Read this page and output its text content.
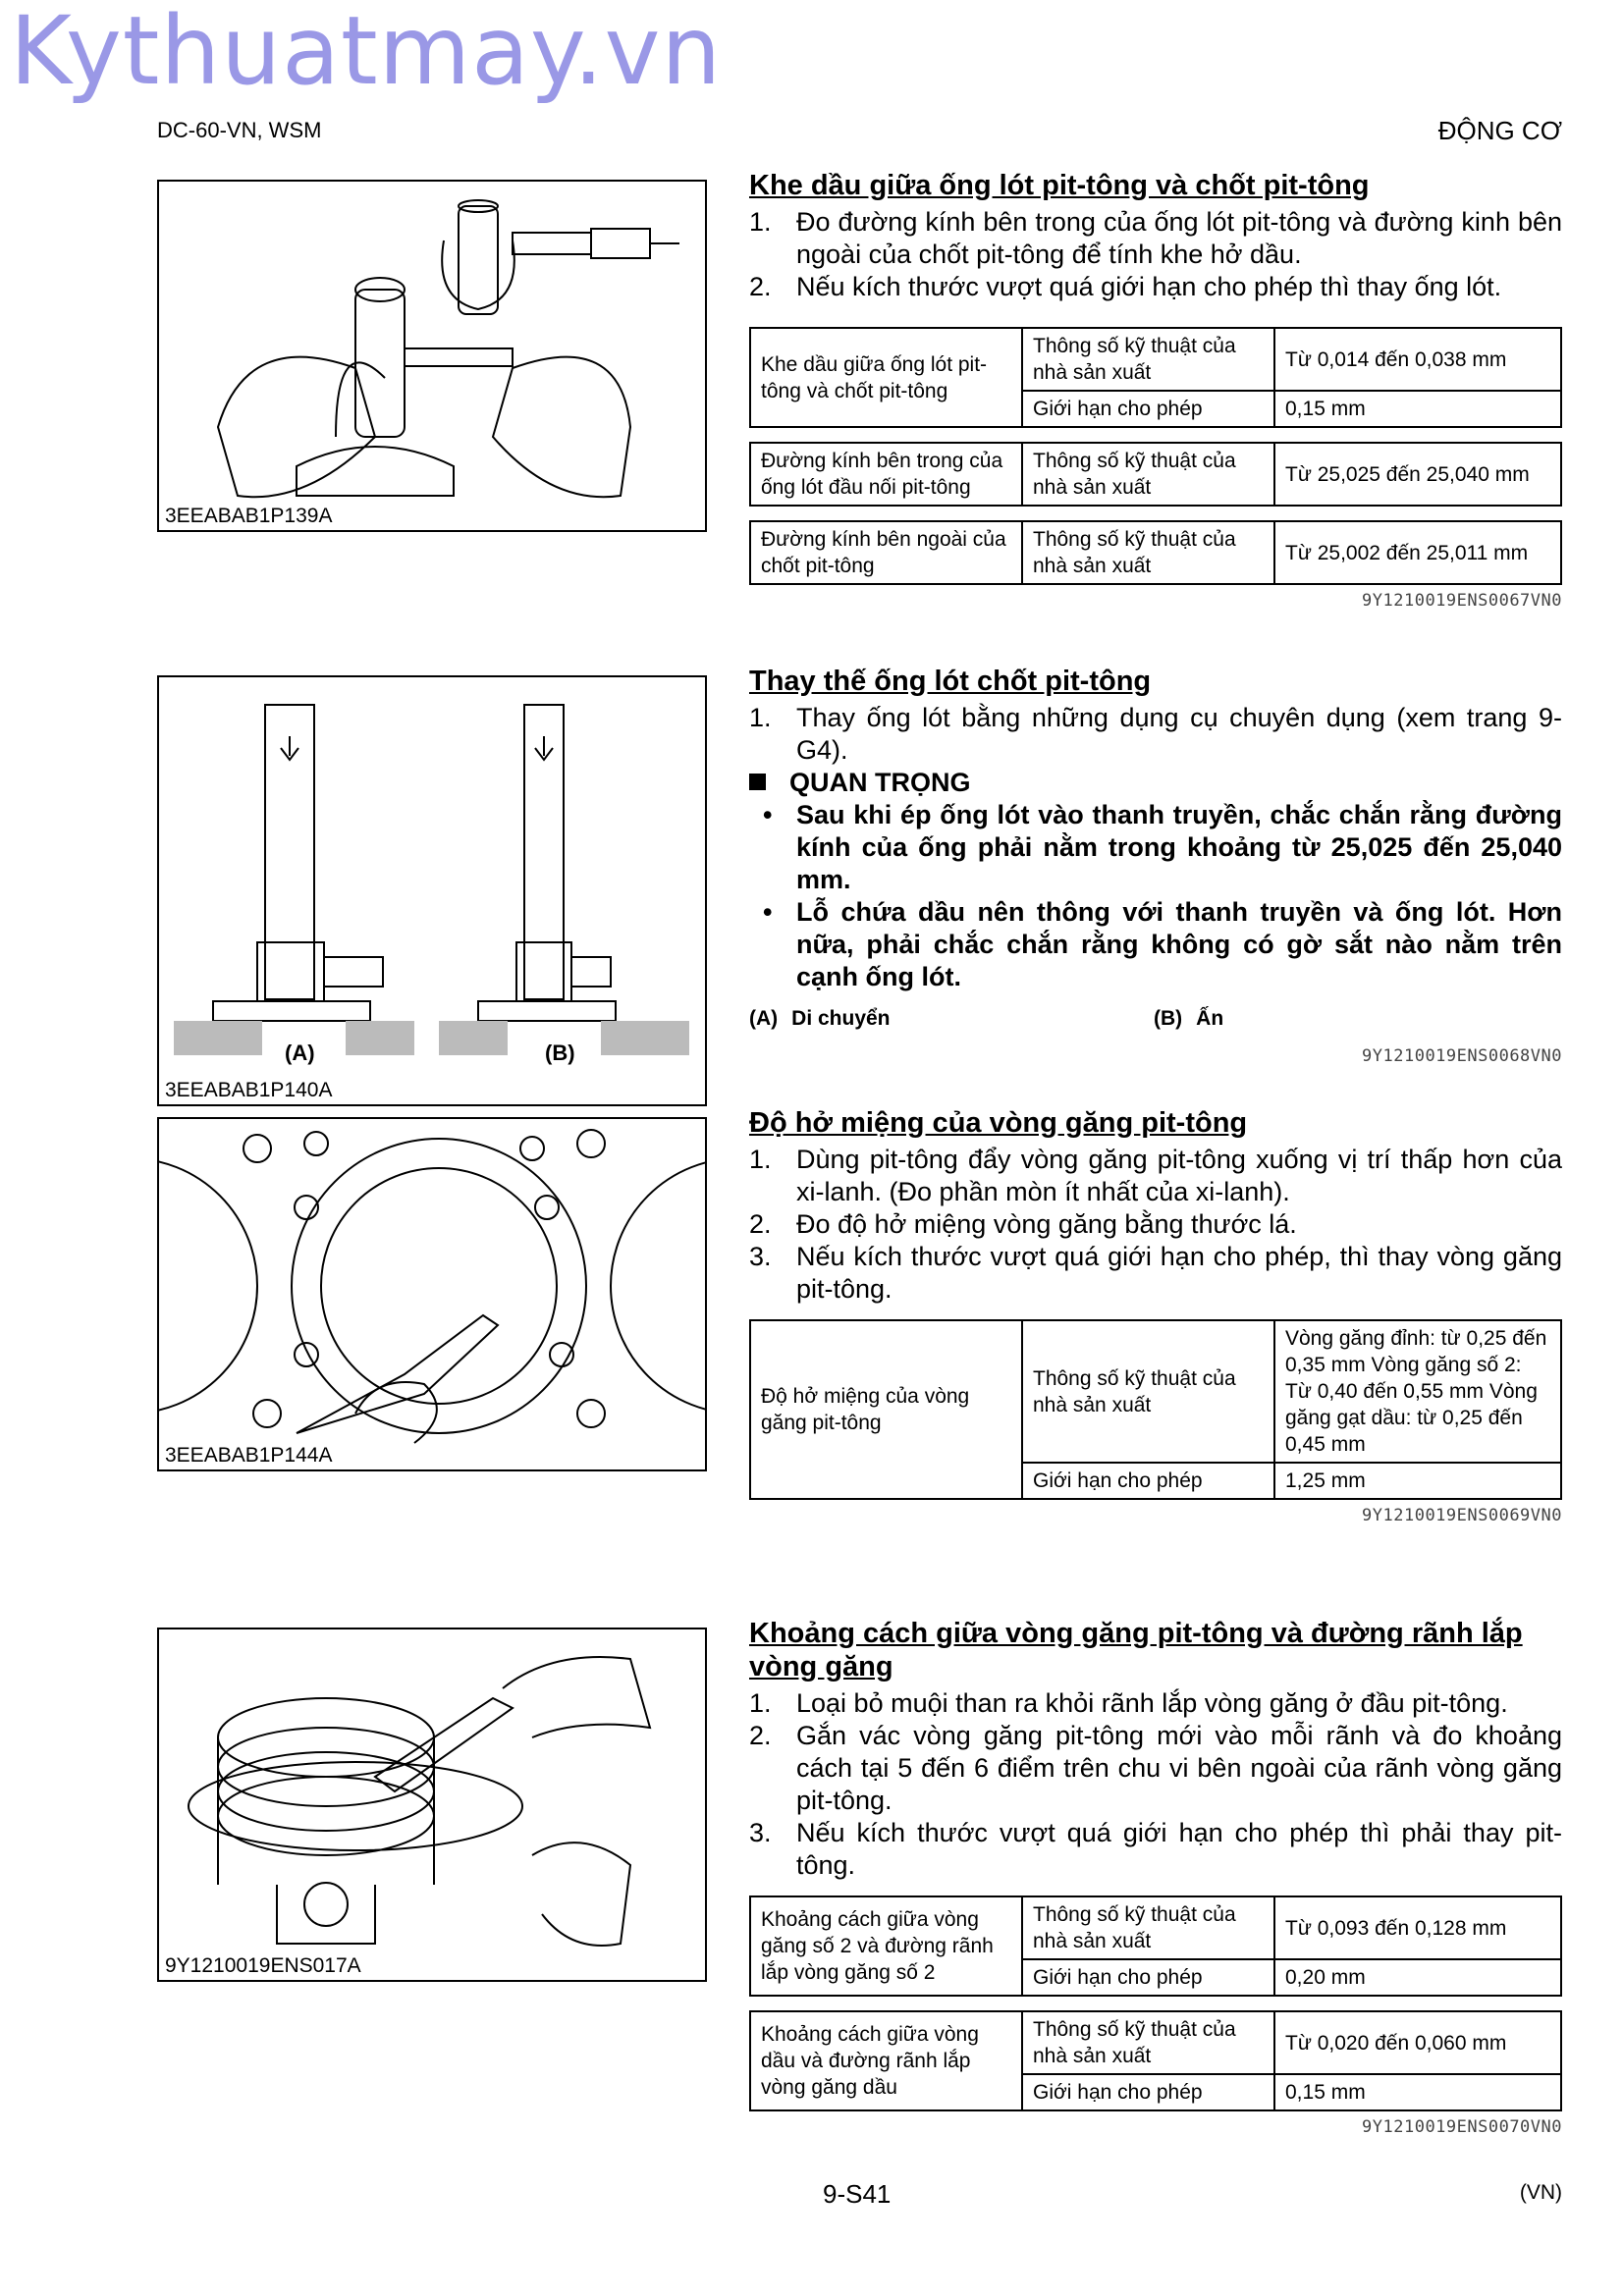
Kythuatmay.vn
DC-60-VN, WSM	ĐỘNG CƠ
3EEABAB1P139A
(A)	(B)
3EEABAB1P140A
3EEABAB1P144A
9Y1210019ENS017A
Khe dầu giữa ống lót pit-tông và chốt pit-tông
1. Đo đường kính bên trong của ống lót pit-tông và đường kinh bên ngoài của chốt pit-tông để tính khe hở dầu.
2. Nếu kích thước vượt quá giới hạn cho phép thì thay ống lót.
Khe dầu giữa ống lót pit-tông và chốt pit-tông	Thông số kỹ thuật của nhà sản xuất	Từ 0,014 đến 0,038 mm
	Giới hạn cho phép	0,15 mm
Đường kính bên trong của ống lót đầu nối pit-tông	Thông số kỹ thuật của nhà sản xuất	Từ 25,025 đến 25,040 mm
Đường kính bên ngoài của chốt pit-tông	Thông số kỹ thuật của nhà sản xuất	Từ 25,002 đến 25,011 mm
9Y1210019ENS0067VN0
Thay thế ống lót chốt pit-tông
1. Thay ống lót bằng những dụng cụ chuyên dụng (xem trang 9-G4).
QUAN TRỌNG
• Sau khi ép ống lót vào thanh truyền, chắc chắn rằng đường kính của ống phải nằm trong khoảng từ 25,025 đến 25,040 mm.
• Lỗ chứa dầu nên thông với thanh truyền và ống lót. Hơn nữa, phải chắc chắn rằng không có gờ sắt nào nằm trên cạnh ống lót.
(A) Di chuyển	(B) Ấn
9Y1210019ENS0068VN0
Độ hở miệng của vòng găng pit-tông
1. Dùng pit-tông đẩy vòng găng pit-tông xuống vị trí thấp hơn của xi-lanh. (Đo phần mòn ít nhất của xi-lanh).
2. Đo độ hở miệng vòng găng bằng thước lá.
3. Nếu kích thước vượt quá giới hạn cho phép, thì thay vòng găng pit-tông.
Độ hở miệng của vòng găng pit-tông	Thông số kỹ thuật của nhà sản xuất	Vòng găng đỉnh: từ 0,25 đến 0,35 mm Vòng găng số 2: Từ 0,40 đến 0,55 mm Vòng găng gạt dầu: từ 0,25 đến 0,45 mm
	Giới hạn cho phép	1,25 mm
9Y1210019ENS0069VN0
Khoảng cách giữa vòng găng pit-tông và đường rãnh lắp vòng găng
1. Loại bỏ muội than ra khỏi rãnh lắp vòng găng ở đầu pit-tông.
2. Gắn vác vòng găng pit-tông mới vào mỗi rãnh và đo khoảng cách tại 5 đến 6 điểm trên chu vi bên ngoài của rãnh vòng găng pit-tông.
3. Nếu kích thước vượt quá giới hạn cho phép thì phải thay pit-tông.
Khoảng cách giữa vòng găng số 2 và đường rãnh lắp vòng găng số 2	Thông số kỹ thuật của nhà sản xuất	Từ 0,093 đến 0,128 mm
	Giới hạn cho phép	0,20 mm
Khoảng cách giữa vòng dầu và đường rãnh lắp vòng găng dầu	Thông số kỹ thuật của nhà sản xuất	Từ 0,020 đến 0,060 mm
	Giới hạn cho phép	0,15 mm
9Y1210019ENS0070VN0
9-S41	(VN)
